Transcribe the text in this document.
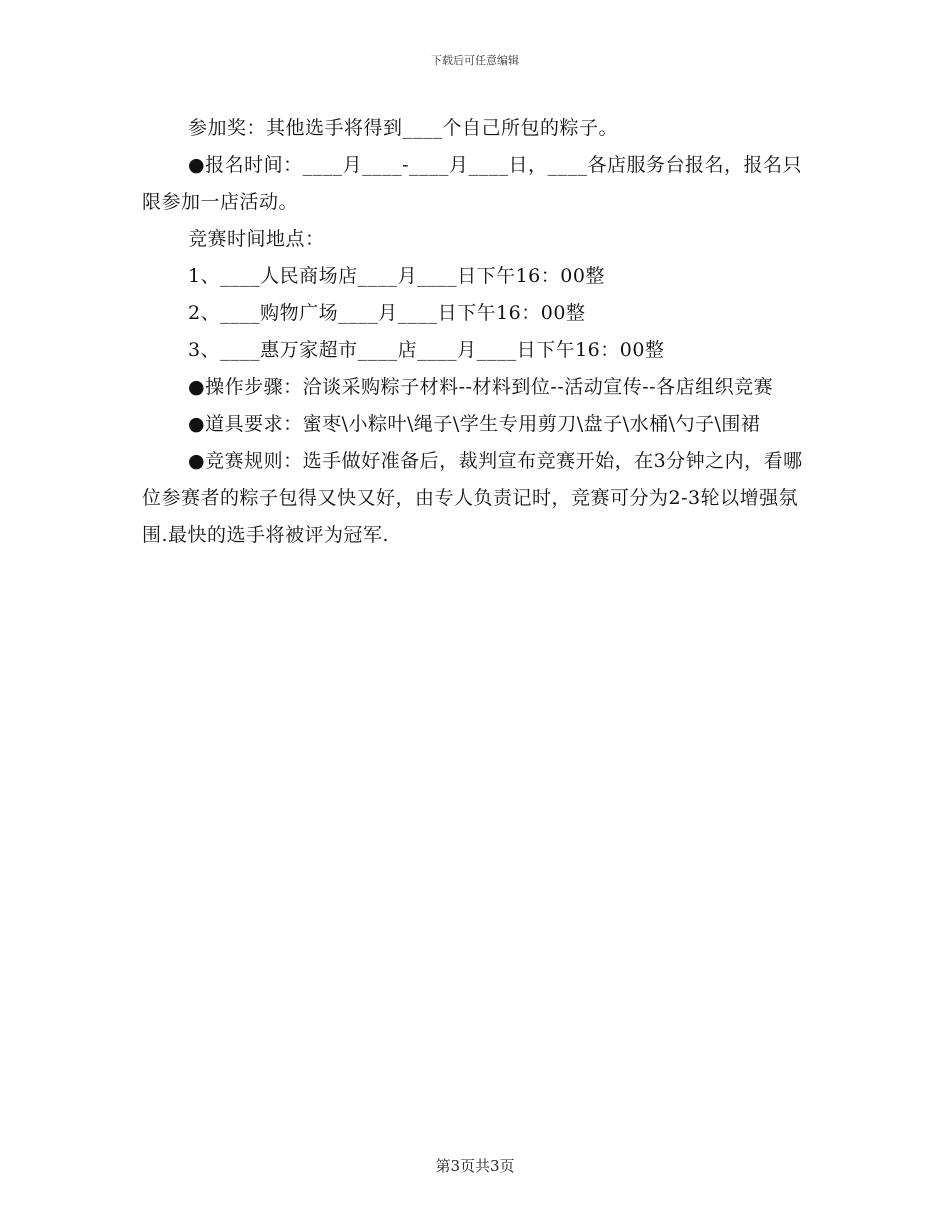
下载后可任意编辑

参加奖：其他选手将得到____个自己所包的粽子。

●报名时间：____月____-____月____日，____各店服务台报名，报名只限参加一店活动。

竞赛时间地点：

1、____人民商场店____月____日下午16：00整

2、____购物广场____月____日下午16：00整

3、____惠万家超市____店____月____日下午16：00整

●操作步骤：洽谈采购粽子材料--材料到位--活动宣传--各店组织竞赛

●道具要求：蜜枣\小粽叶\绳子\学生专用剪刀\盘子\水桶\勺子\围裙

●竞赛规则：选手做好准备后，裁判宣布竞赛开始，在3分钟之内，看哪位参赛者的粽子包得又快又好，由专人负责记时，竞赛可分为2-3轮以增强氛围.最快的选手将被评为冠军.

第3页共3页
